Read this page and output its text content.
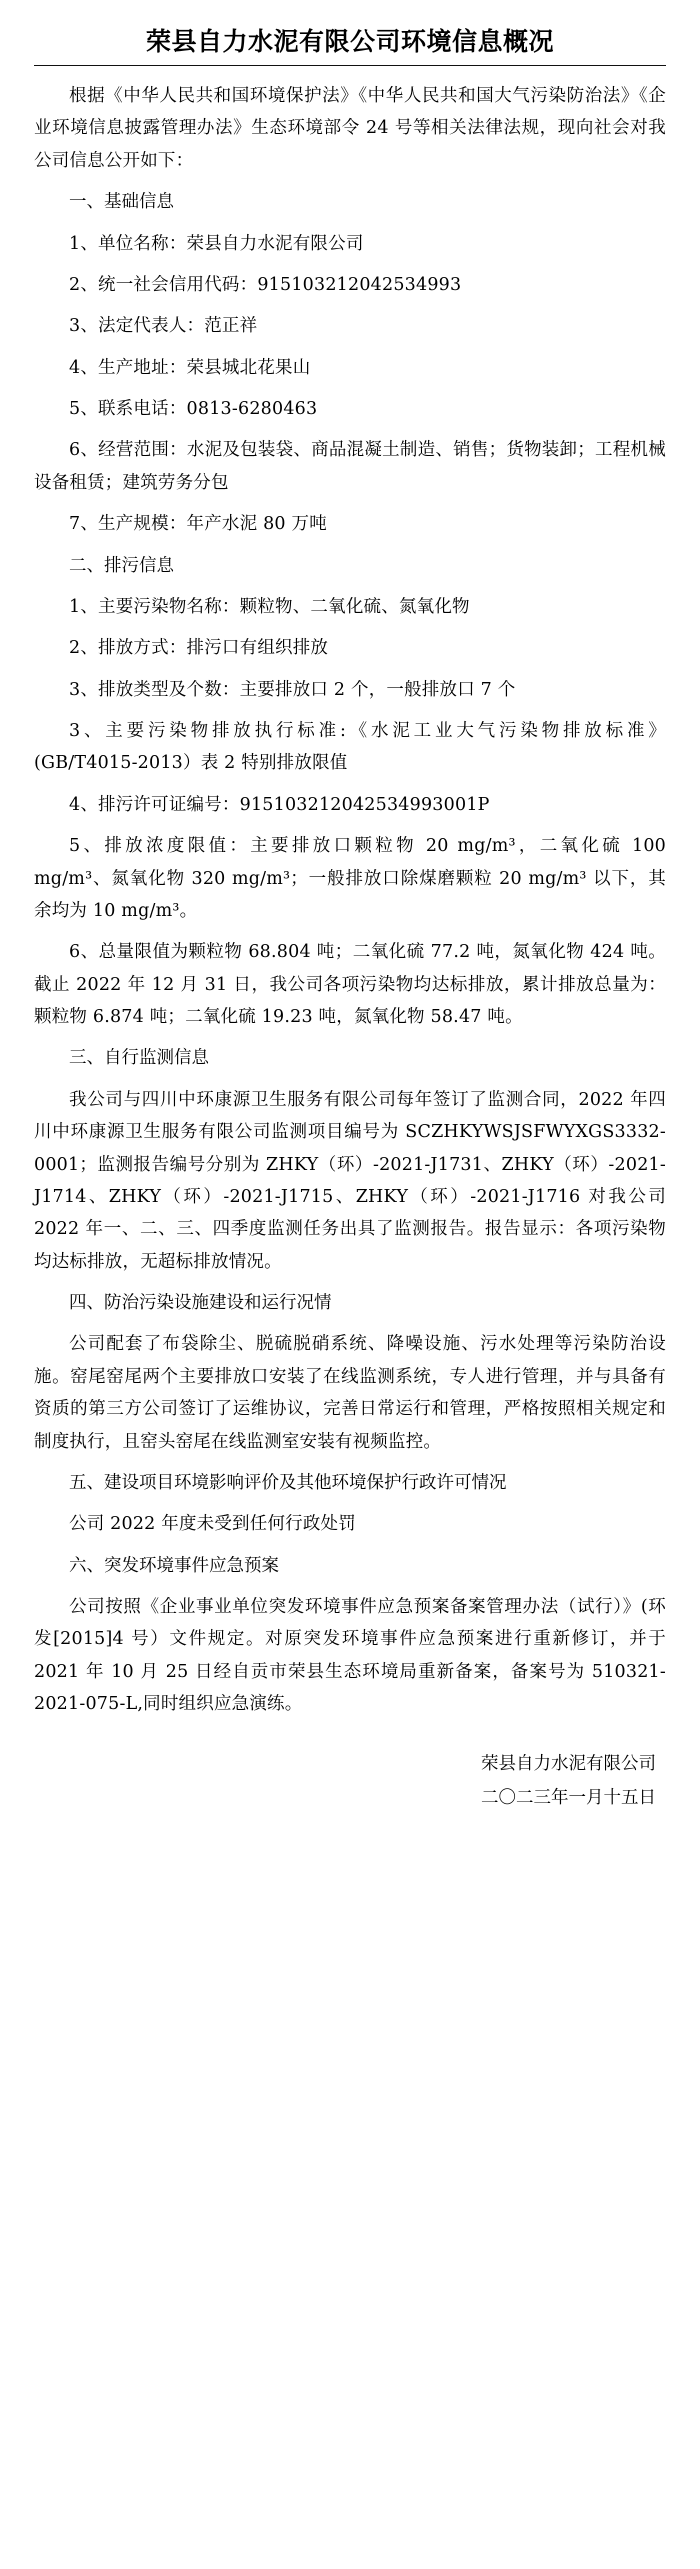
荣县自力水泥有限公司环境信息概况

根据《中华人民共和国环境保护法》《中华人民共和国大气污染防治法》《企业环境信息披露管理办法》生态环境部令 24 号等相关法律法规，现向社会对我公司信息公开如下：

一、基础信息

1、单位名称：荣县自力水泥有限公司

2、统一社会信用代码：915103212042534993

3、法定代表人：范正祥

4、生产地址：荣县城北花果山

5、联系电话：0813-6280463

6、经营范围：水泥及包装袋、商品混凝土制造、销售；货物装卸；工程机械设备租赁；建筑劳务分包

7、生产规模：年产水泥 80 万吨

二、排污信息

1、主要污染物名称：颗粒物、二氧化硫、氮氧化物

2、排放方式：排污口有组织排放

3、排放类型及个数：主要排放口 2 个，一般排放口 7 个

3、主要污染物排放执行标准:《水泥工业大气污染物排放标准》(GB/T4015-2013）表 2 特别排放限值

4、排污许可证编号：915103212042534993001P

5、排放浓度限值：主要排放口颗粒物 20 mg/m³，二氧化硫 100 mg/m³、氮氧化物 320 mg/m³；一般排放口除煤磨颗粒 20 mg/m³ 以下，其余均为 10 mg/m³。

6、总量限值为颗粒物 68.804 吨；二氧化硫 77.2 吨，氮氧化物 424 吨。截止 2022 年 12 月 31 日，我公司各项污染物均达标排放，累计排放总量为：颗粒物 6.874 吨；二氧化硫 19.23 吨，氮氧化物 58.47 吨。

三、自行监测信息

我公司与四川中环康源卫生服务有限公司每年签订了监测合同，2022 年四川中环康源卫生服务有限公司监测项目编号为 SCZHKYWSJSFWYXGS3332-0001；监测报告编号分别为 ZHKY（环）-2021-J1731、ZHKY（环）-2021-J1714、ZHKY（环）-2021-J1715、ZHKY（环）-2021-J1716 对我公司 2022 年一、二、三、四季度监测任务出具了监测报告。报告显示：各项污染物均达标排放，无超标排放情况。

四、防治污染设施建设和运行况情

公司配套了布袋除尘、脱硫脱硝系统、降噪设施、污水处理等污染防治设施。窑尾窑尾两个主要排放口安装了在线监测系统，专人进行管理，并与具备有资质的第三方公司签订了运维协议，完善日常运行和管理，严格按照相关规定和制度执行，且窑头窑尾在线监测室安装有视频监控。

五、建设项目环境影响评价及其他环境保护行政许可情况

公司 2022 年度未受到任何行政处罚

六、突发环境事件应急预案

公司按照《企业事业单位突发环境事件应急预案备案管理办法（试行）》(环发[2015]4 号）文件规定。对原突发环境事件应急预案进行重新修订，并于 2021 年 10 月 25 日经自贡市荣县生态环境局重新备案，备案号为 510321-2021-075-L,同时组织应急演练。

荣县自力水泥有限公司
二〇二三年一月十五日
